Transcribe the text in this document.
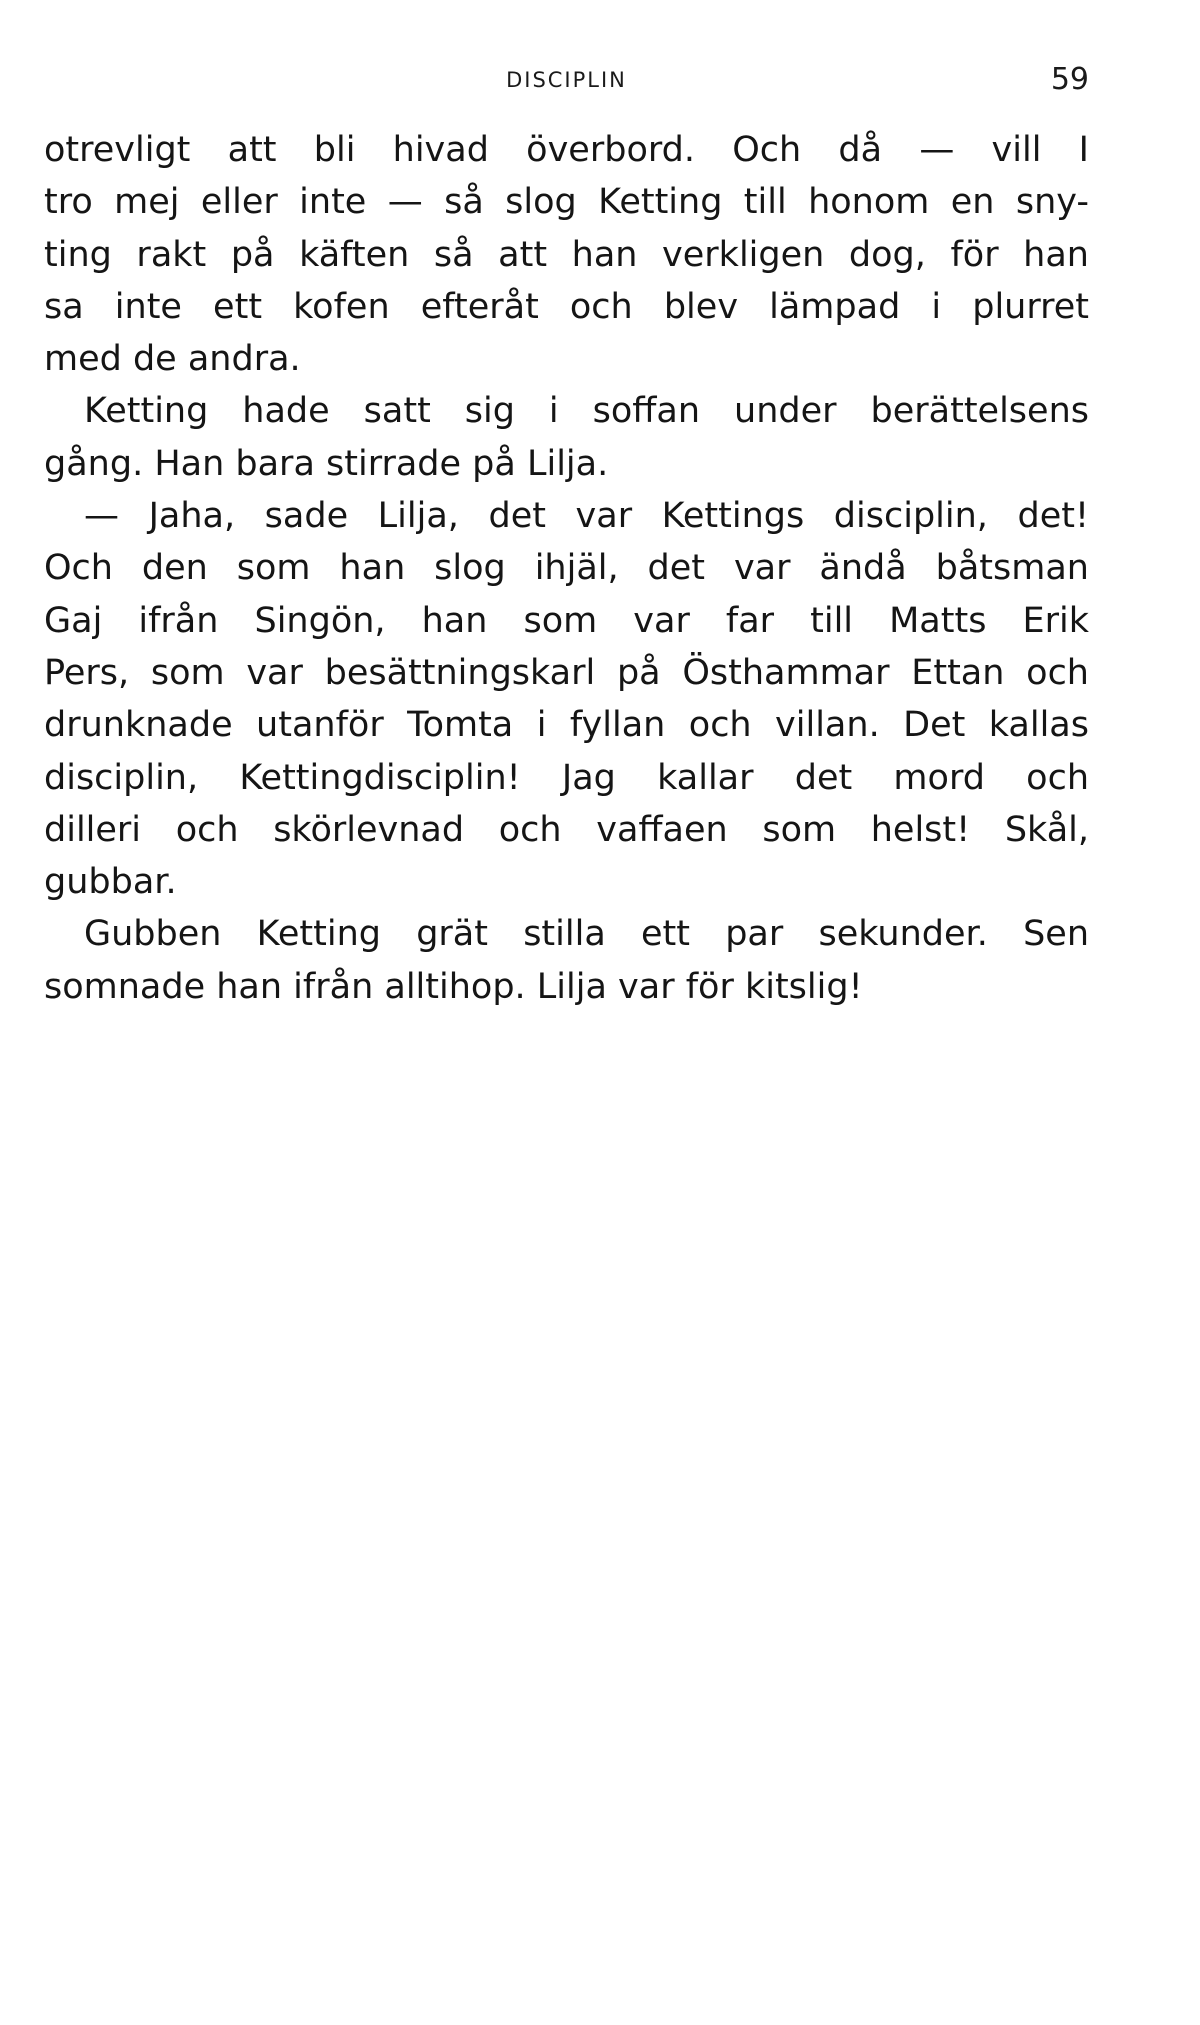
DISCIPLIN	59
otrevligt att bli hivad överbord. Och då — vill I
tro mej eller inte — så slog Ketting till honom en sny-
ting rakt på käften så att han verkligen dog, för han
sa inte ett kofen efteråt och blev lämpad i plurret
med de andra.
Ketting hade satt sig i soffan under berättelsens
gång. Han bara stirrade på Lilja.
— Jaha, sade Lilja, det var Kettings disciplin, det!
Och den som han slog ihjäl, det var ändå båtsman
Gaj ifrån Singön, han som var far till Matts Erik
Pers, som var besättningskarl på Östhammar Ettan och
drunknade utanför Tomta i fyllan och villan. Det kallas
disciplin, Kettingdisciplin! Jag kallar det mord och
dilleri och skörlevnad och vaffaen som helst! Skål,
gubbar.
Gubben Ketting grät stilla ett par sekunder. Sen
somnade han ifrån alltihop. Lilja var för kitslig!
